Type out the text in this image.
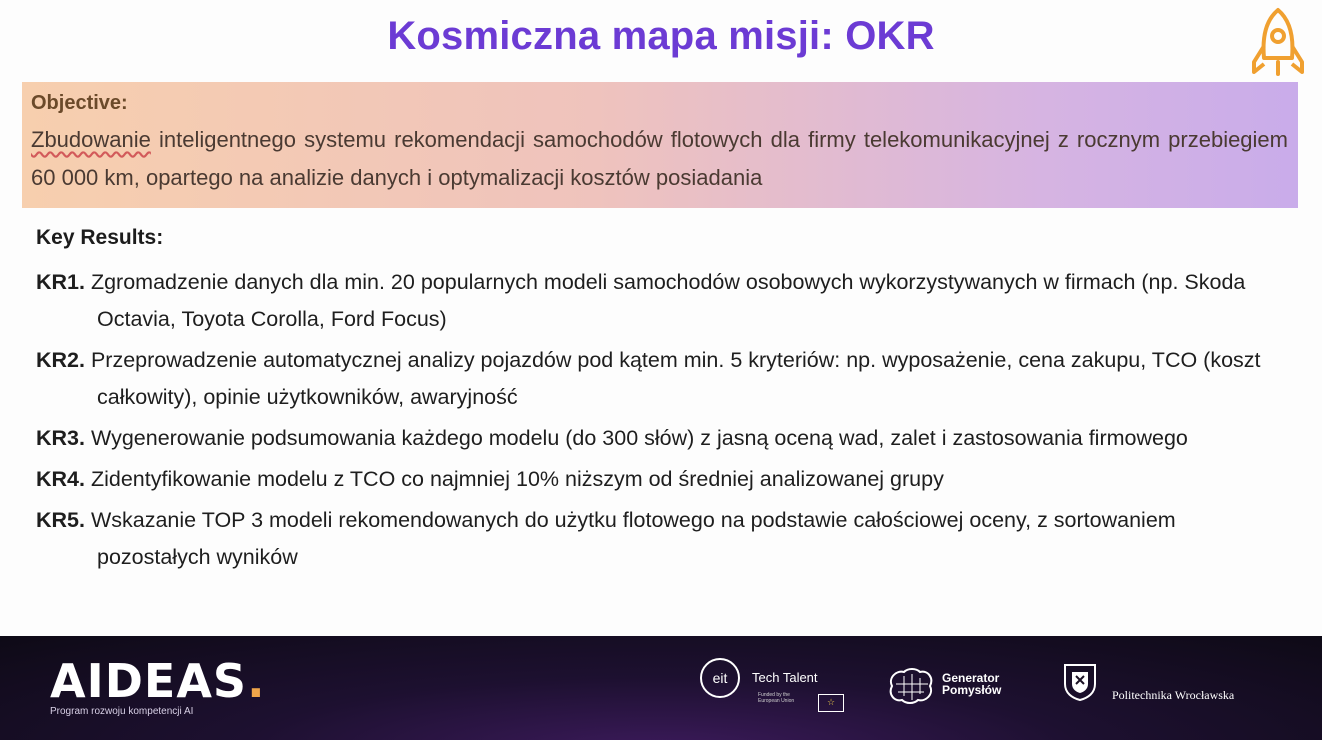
Kosmiczna mapa misji: OKR
Objective:
Zbudowanie inteligentnego systemu rekomendacji samochodów flotowych dla firmy telekomunikacyjnej z rocznym przebiegiem 60 000 km, opartego na analizie danych i optymalizacji kosztów posiadania
Key Results:
KR1. Zgromadzenie danych dla min. 20 popularnych modeli samochodów osobowych wykorzystywanych w firmach (np. Skoda Octavia, Toyota Corolla, Ford Focus)
KR2. Przeprowadzenie automatycznej analizy pojazdów pod kątem min. 5 kryteriów: np. wyposażenie, cena zakupu, TCO (koszt całkowity), opinie użytkowników, awaryjność
KR3. Wygenerowanie podsumowania każdego modelu (do 300 słów) z jasną oceną wad, zalet i zastosowania firmowego
KR4. Zidentyfikowanie modelu z TCO co najmniej 10% niższym od średniej analizowanej grupy
KR5. Wskazanie TOP 3 modeli rekomendowanych do użytku flotowego na podstawie całościowej oceny, z sortowaniem pozostałych wyników
AIDEAS.
Program rozwoju kompetencji AI
eit	Tech Talent
Funded by the European Union	☆
Generator
Pomysłów	Politechnika Wrocławska
